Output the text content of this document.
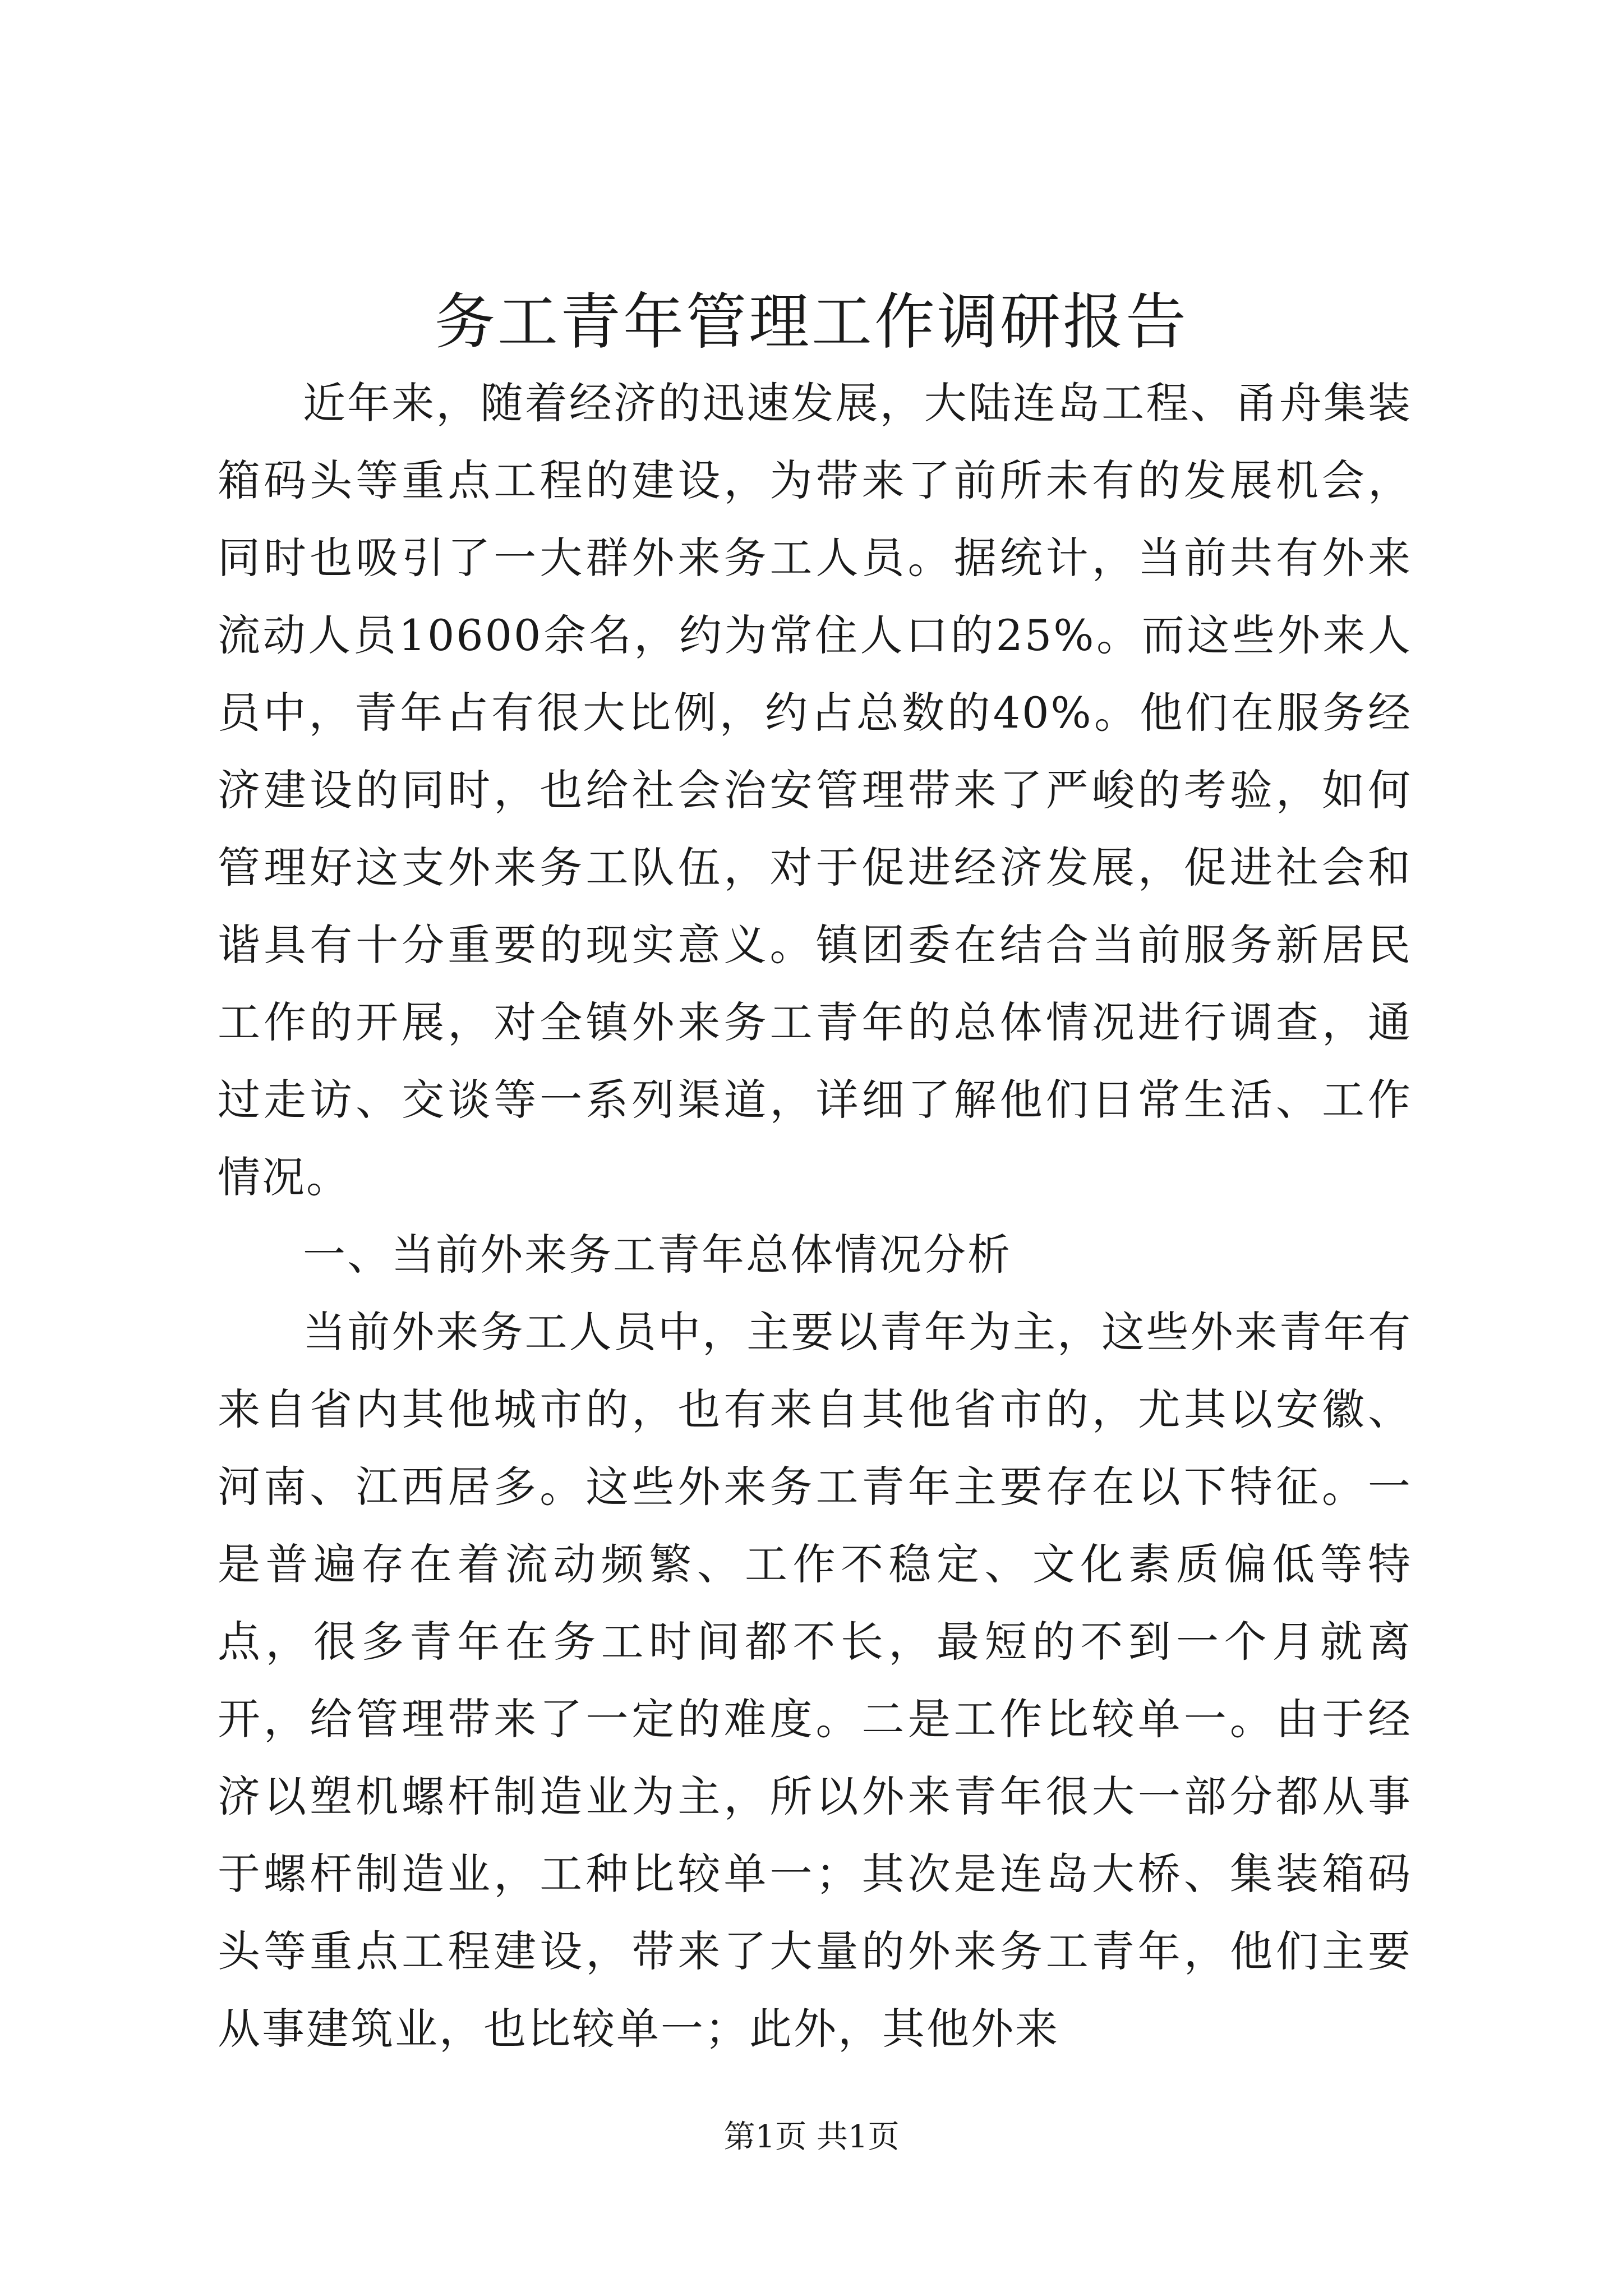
务工青年管理工作调研报告

近年来，随着经济的迅速发展，大陆连岛工程、甬舟集装箱码头等重点工程的建设，为带来了前所未有的发展机会，同时也吸引了一大群外来务工人员。据统计，当前共有外来流动人员10600余名，约为常住人口的25%。而这些外来人员中，青年占有很大比例，约占总数的40%。他们在服务经济建设的同时，也给社会治安管理带来了严峻的考验，如何管理好这支外来务工队伍，对于促进经济发展，促进社会和谐具有十分重要的现实意义。镇团委在结合当前服务新居民工作的开展，对全镇外来务工青年的总体情况进行调查，通过走访、交谈等一系列渠道，详细了解他们日常生活、工作情况。

一、当前外来务工青年总体情况分析

当前外来务工人员中，主要以青年为主，这些外来青年有来自省内其他城市的，也有来自其他省市的，尤其以安徽、河南、江西居多。这些外来务工青年主要存在以下特征。一是普遍存在着流动频繁、工作不稳定、文化素质偏低等特点，很多青年在务工时间都不长，最短的不到一个月就离开，给管理带来了一定的难度。二是工作比较单一。由于经济以塑机螺杆制造业为主，所以外来青年很大一部分都从事于螺杆制造业，工种比较单一；其次是连岛大桥、集装箱码头等重点工程建设，带来了大量的外来务工青年，他们主要从事建筑业，也比较单一；此外，其他外来

第1页 共1页
